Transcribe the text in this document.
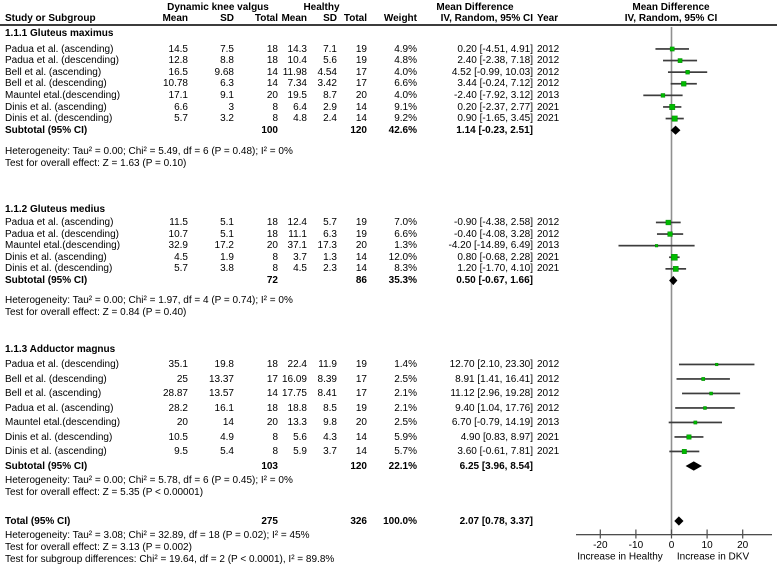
Dynamic knee valgus	Healthy	Mean Difference	Mean Difference
Study or Subgroup	Mean	SD	Total Mean	SD Total	Weight	IV, Random, 95% CI Year	IV, Random, 95% CI
1.1.1 Gluteus maximus
Padua et al. (ascending)	14.5	7.5	18 14.3	7.1	19	4.9%	0.20 [-4.51, 4.91] 2012
Padua et al. (descending)	12.8	8.8	18 10.4	5.6	19	4.8%	2.40 [-2.38, 7.18] 2012
Bell et al. (ascending)	16.5	9.68	14 11.98	4.54	17	4.0%	4.52 [-0.99, 10.03] 2012
Bell et al. (descending)	10.78	6.3	14 7.34	3.42	17	6.6%	3.44 [-0.24, 7.12] 2012
Mauntel etal.(descending)	17.1	9.1	20 19.5	8.7	20	4.0%	-2.40 [-7.92, 3.12] 2013
Dinis et al. (ascending)	6.6	3	8	6.4	2.9	14	9.1%	0.20 [-2.37, 2.77] 2021
Dinis et al. (descending)	5.7	3.2	8	4.8	2.4	14	9.2%	0.90 [-1.65, 3.45] 2021
Subtotal (95% CI)	100	120	42.6%	1.14 [-0.23, 2.51]
Heterogeneity: Tau² = 0.00; Chi² = 5.49, df = 6 (P = 0.48); I² = 0%
Test for overall effect: Z = 1.63 (P = 0.10)
1.1.2 Gluteus medius
Padua et al. (ascending)	11.5	5.1	18 12.4	5.7	19	7.0%	-0.90 [-4.38, 2.58] 2012
Padua et al. (descending)	10.7	5.1	18	11.1	6.3	19	6.6%	-0.40 [-4.08, 3.28] 2012
Mauntel etal.(descending)	32.9	17.2	20 37.1	17.3	20	1.3%	-4.20 [-14.89, 6.49] 2013
Dinis et al. (ascending)	4.5	1.9	8	3.7	1.3	14	12.0%	0.80 [-0.68, 2.28] 2021
Dinis et al. (descending)	5.7	3.8	8	4.5	2.3	14	8.3%	1.20 [-1.70, 4.10] 2021
Subtotal (95% CI)	72	86	35.3%	0.50 [-0.67, 1.66]
Heterogeneity: Tau² = 0.00; Chi² = 1.97, df = 4 (P = 0.74); I² = 0%
Test for overall effect: Z = 0.84 (P = 0.40)
1.1.3 Adductor magnus
Padua et al. (descending)	35.1	19.8	18 22.4	11.9	19	1.4%	12.70 [2.10, 23.30] 2012
Bell et al. (descending)	25	13.37	17 16.09	8.39	17	2.5%	8.91 [1.41, 16.41] 2012
Bell et al. (ascending)	28.87	13.57	14 17.75	8.41	17	2.1%	11.12 [2.96, 19.28] 2012
Padua et al. (ascending)	28.2	16.1	18 18.8	8.5	19	2.1%	9.40 [1.04, 17.76] 2012
Mauntel etal.(descending)	20	14	20 13.3	9.8	20	2.5%	6.70 [-0.79, 14.19] 2013
Dinis et al. (descending)	10.5	4.9	8	5.6	4.3	14	5.9%	4.90 [0.83, 8.97] 2021
Dinis et al. (ascending)	9.5	5.4	8	5.9	3.7	14	5.7%	3.60 [-0.61, 7.81] 2021
Subtotal (95% CI)	103	120	22.1%	6.25 [3.96, 8.54]
Heterogeneity: Tau² = 0.00; Chi² = 5.78, df = 6 (P = 0.45); I² = 0%
Test for overall effect: Z = 5.35 (P < 0.00001)
Total (95% CI)	275	326	100.0%	2.07 [0.78, 3.37]
Heterogeneity: Tau² = 3.08; Chi² = 32.89, df = 18 (P = 0.02); I² = 45%
Test for overall effect: Z = 3.13 (P = 0.002)
Test for subgroup differences: Chi² = 19.64, df = 2 (P < 0.0001), I² = 89.8%
-20 -10	0	10 20
Increase in Healthy Increase in DKV
